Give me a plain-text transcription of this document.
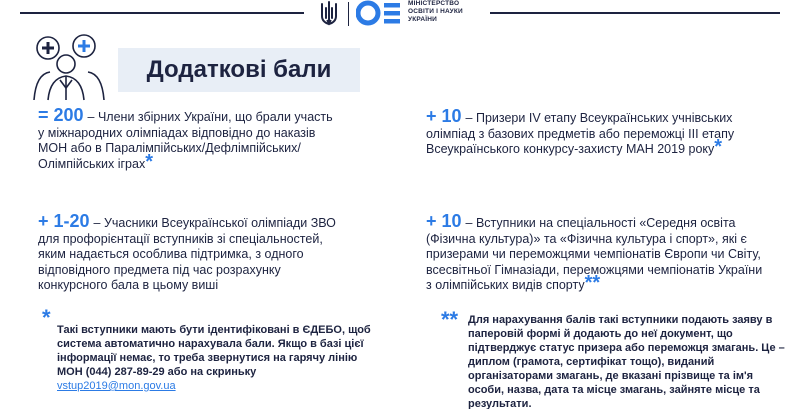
МІНІСТЕРСТВО
ОСВІТИ І НАУКИ
УКРАЇНИ
Додаткові бали
= 200 – Члени збірних України, що брали участь у міжнародних олімпіадах відповідно до наказів МОН або в Паралімпійських/Дефлімпійських/Олімпійських іграх*
+ 1-20 – Учасники Всеукраїнської олімпіади ЗВО для профорієнтації вступників зі спеціальностей, яким надається особлива підтримка, з одного відповідного предмета під час розрахунку конкурсного бала в цьому виші
+ 10 – Призери IV етапу Всеукраїнських учнівських олімпіад з базових предметів або переможці III етапу Всеукраїнського конкурсу-захисту МАН 2019 року*
+ 10 – Вступники на спеціальності «Середня освіта (Фізична культура)» та «Фізична культура і спорт», які є призерами чи переможцями чемпіонатів Європи чи Світу, всесвітньої Гімназіади, переможцями чемпіонатів України з олімпійських видів спорту**
* Такі вступники мають бути ідентифіковані в ЄДЕБО, щоб система автоматично нарахувала бали. Якщо в базі цієї інформації немає, то треба звернутися на гарячу лінію МОН (044) 287-89-29 або на скриньку
vstup2019@mon.gov.ua
** Для нарахування балів такі вступники подають заяву в паперовій формі й додають до неї документ, що підтверджує статус призера або переможця змагань. Це – диплом (грамота, сертифікат тощо), виданий організаторами змагань, де вказані прізвище та ім'я особи, назва, дата та місце змагань, зайняте місце та результати.
